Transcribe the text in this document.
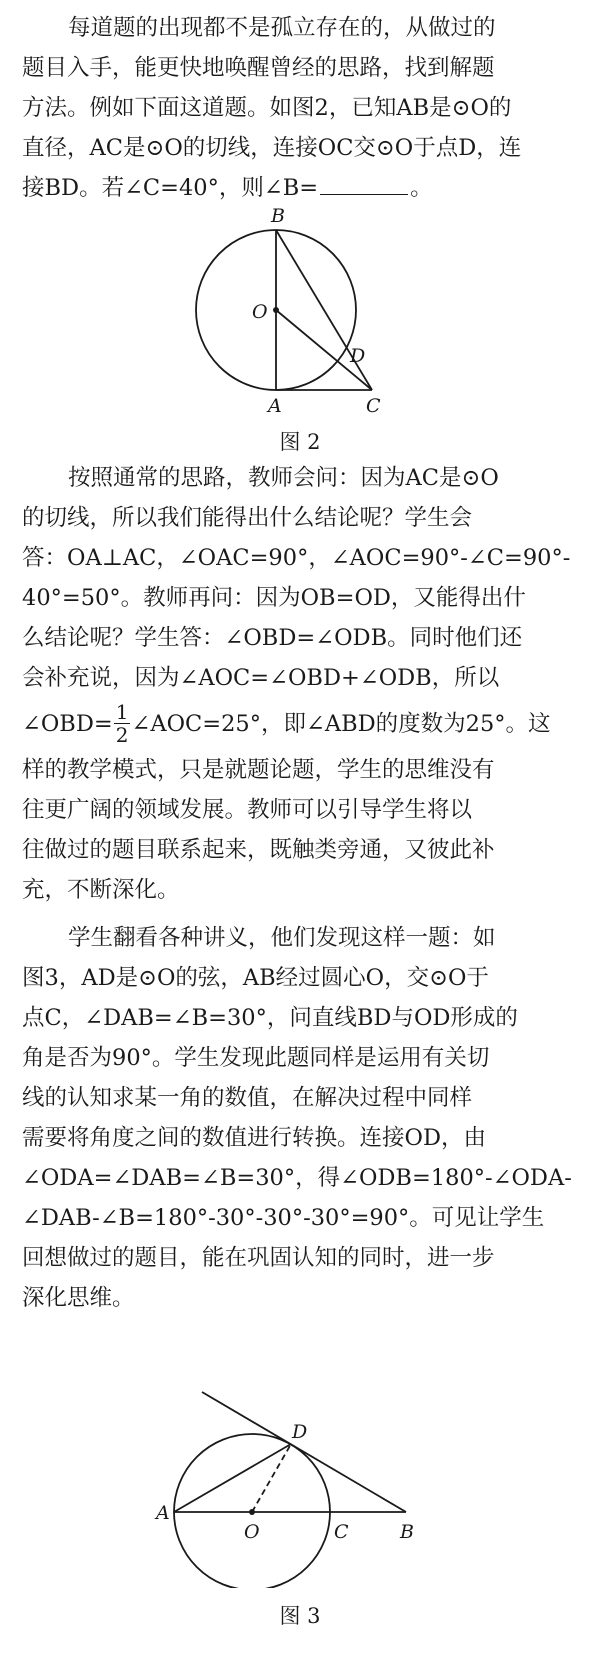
每道题的出现都不是孤立存在的，从做过的
题目入手，能更快地唤醒曾经的思路，找到解题
方法。例如下面这道题。如图2，已知AB是⊙O的
直径，AC是⊙O的切线，连接OC交⊙O于点D，连
接BD。若∠C=40°，则∠B=	。
B
O
D
A	C
图 2
按照通常的思路，教师会问：因为AC是⊙O
的切线，所以我们能得出什么结论呢？学生会
答：OA⊥AC，∠OAC=90°，∠AOC=90°-∠C=90°-
40°=50°。教师再问：因为OB=OD，又能得出什
么结论呢？学生答：∠OBD=∠ODB。同时他们还
会补充说，因为∠AOC=∠OBD+∠ODB，所以
∠OBD= $\frac{1}{2}$ ∠AOC=25°，即∠ABD的度数为25°。这
样的教学模式，只是就题论题，学生的思维没有
往更广阔的领域发展。教师可以引导学生将以
往做过的题目联系起来，既触类旁通，又彼此补
充，不断深化。
学生翻看各种讲义，他们发现这样一题：如
图3，AD是⊙O的弦，AB经过圆心O，交⊙O于
点C，∠DAB=∠B=30°，问直线BD与OD形成的
角是否为90°。学生发现此题同样是运用有关切
线的认知求某一角的数值，在解决过程中同样
需要将角度之间的数值进行转换。连接OD，由
∠ODA=∠DAB=∠B=30°，得∠ODB=180°-∠ODA-
∠DAB-∠B=180°-30°-30°-30°=90°。可见让学生
回想做过的题目，能在巩固认知的同时，进一步
深化思维。
D
A
O	C	B
图 3
